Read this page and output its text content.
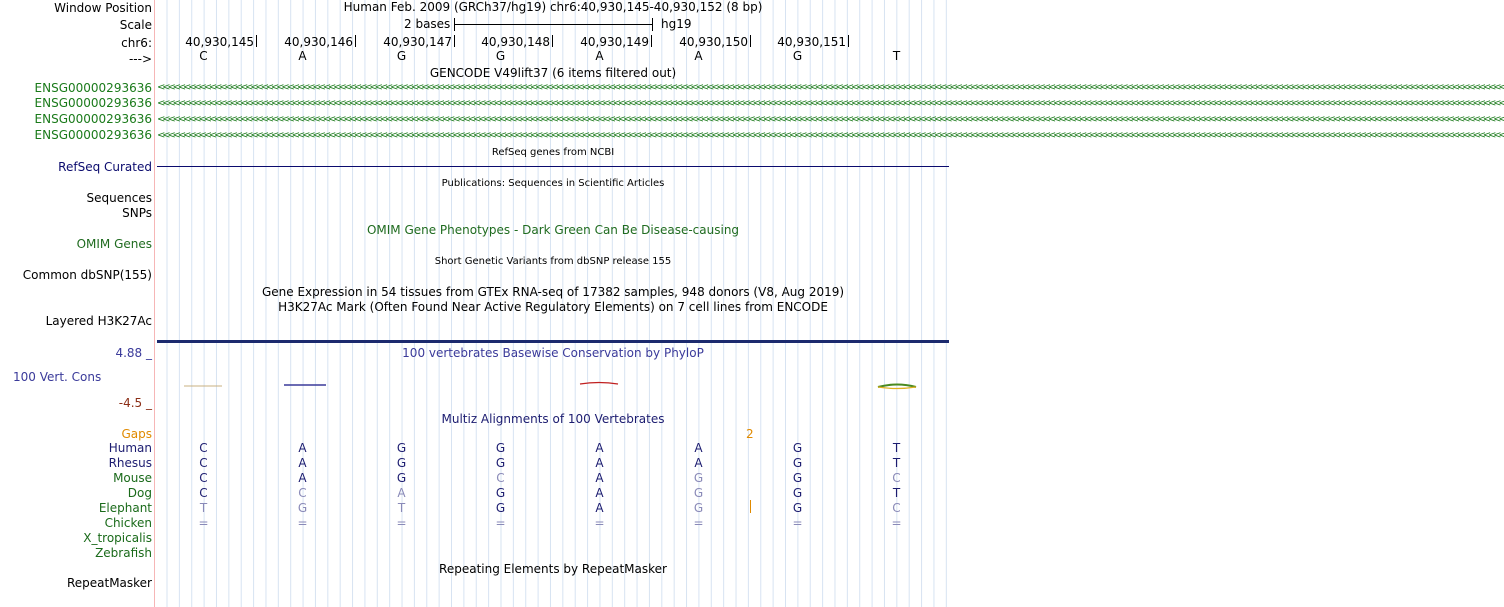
Window Position
Scale
chr6:
--->
Human Feb. 2009 (GRCh37/hg19) chr6:40,930,145-40,930,152 (8 bp)
2 bases	hg19
40,930,145	40,930,146	40,930,147	40,930,148	40,930,149	40,930,150	40,930,151
C	A	G	G	A	A	G	T
GENCODE V49lift37 (6 items filtered out)
ENSG00000293636
ENSG00000293636
ENSG00000293636
ENSG00000293636
<<<<<<<<<<<<<<<<<<<<<<<<<<<<<<<<<<<<<<<<<<<<<<<<<<<<<<<<<<<<<<<<<<<<<<<<<<<<<<<<<<<<<<<<<<<<<<<<<<<<<<<<<<<<<<<<<<<<<<<<<<<<<<<<<<<<<<<<<<<<<<<<<<<<<<<<<<<<<<<<<<<<<<<<<<<<<<<<<<<<<<<<<<<<<<<<<<<<<<<<<<<<<<<<<<<<<<<<<<<<<<<<<<<<<<<<<<<<<<<<<<<<<<<<<<<<<<<<<<<<
<<<<<<<<<<<<<<<<<<<<<<<<<<<<<<<<<<<<<<<<<<<<<<<<<<<<<<<<<<<<<<<<<<<<<<<<<<<<<<<<<<<<<<<<<<<<<<<<<<<<<<<<<<<<<<<<<<<<<<<<<<<<<<<<<<<<<<<<<<<<<<<<<<<<<<<<<<<<<<<<<<<<<<<<<<<<<<<<<<<<<<<<<<<<<<<<<<<<<<<<<<<<<<<<<<<<<<<<<<<<<<<<<<<<<<<<<<<<<<<<<<<<<<<<<<<<<<<<<<<<
<<<<<<<<<<<<<<<<<<<<<<<<<<<<<<<<<<<<<<<<<<<<<<<<<<<<<<<<<<<<<<<<<<<<<<<<<<<<<<<<<<<<<<<<<<<<<<<<<<<<<<<<<<<<<<<<<<<<<<<<<<<<<<<<<<<<<<<<<<<<<<<<<<<<<<<<<<<<<<<<<<<<<<<<<<<<<<<<<<<<<<<<<<<<<<<<<<<<<<<<<<<<<<<<<<<<<<<<<<<<<<<<<<<<<<<<<<<<<<<<<<<<<<<<<<<<<<<<<<<<
<<<<<<<<<<<<<<<<<<<<<<<<<<<<<<<<<<<<<<<<<<<<<<<<<<<<<<<<<<<<<<<<<<<<<<<<<<<<<<<<<<<<<<<<<<<<<<<<<<<<<<<<<<<<<<<<<<<<<<<<<<<<<<<<<<<<<<<<<<<<<<<<<<<<<<<<<<<<<<<<<<<<<<<<<<<<<<<<<<<<<<<<<<<<<<<<<<<<<<<<<<<<<<<<<<<<<<<<<<<<<<<<<<<<<<<<<<<<<<<<<<<<<<<<<<<<<<<<<<<<
RefSeq genes from NCBI
RefSeq Curated
Publications: Sequences in Scientific Articles
Sequences
SNPs
OMIM Gene Phenotypes - Dark Green Can Be Disease-causing
OMIM Genes
Short Genetic Variants from dbSNP release 155
Common dbSNP(155)
Gene Expression in 54 tissues from GTEx RNA-seq of 17382 samples, 948 donors (V8, Aug 2019)
H3K27Ac Mark (Often Found Near Active Regulatory Elements) on 7 cell lines from ENCODE
Layered H3K27Ac
4.88 _	100 vertebrates Basewise Conservation by PhyloP
100 Vert. Cons
-4.5 _
Multiz Alignments of 100 Vertebrates
Gaps	2
Human	C	A	G	G	A	A	G	T
Rhesus	C	A	G	G	A	A	G	T
Mouse	C	A	G	C	A	G	G	C
Dog	C	C	A	G	A	G	G	T
Elephant	T	G	T	G	A	G	G	C
Chicken	=	=	=	=	=	=	=	=
X_tropicalis
Zebrafish
Repeating Elements by RepeatMasker
RepeatMasker
